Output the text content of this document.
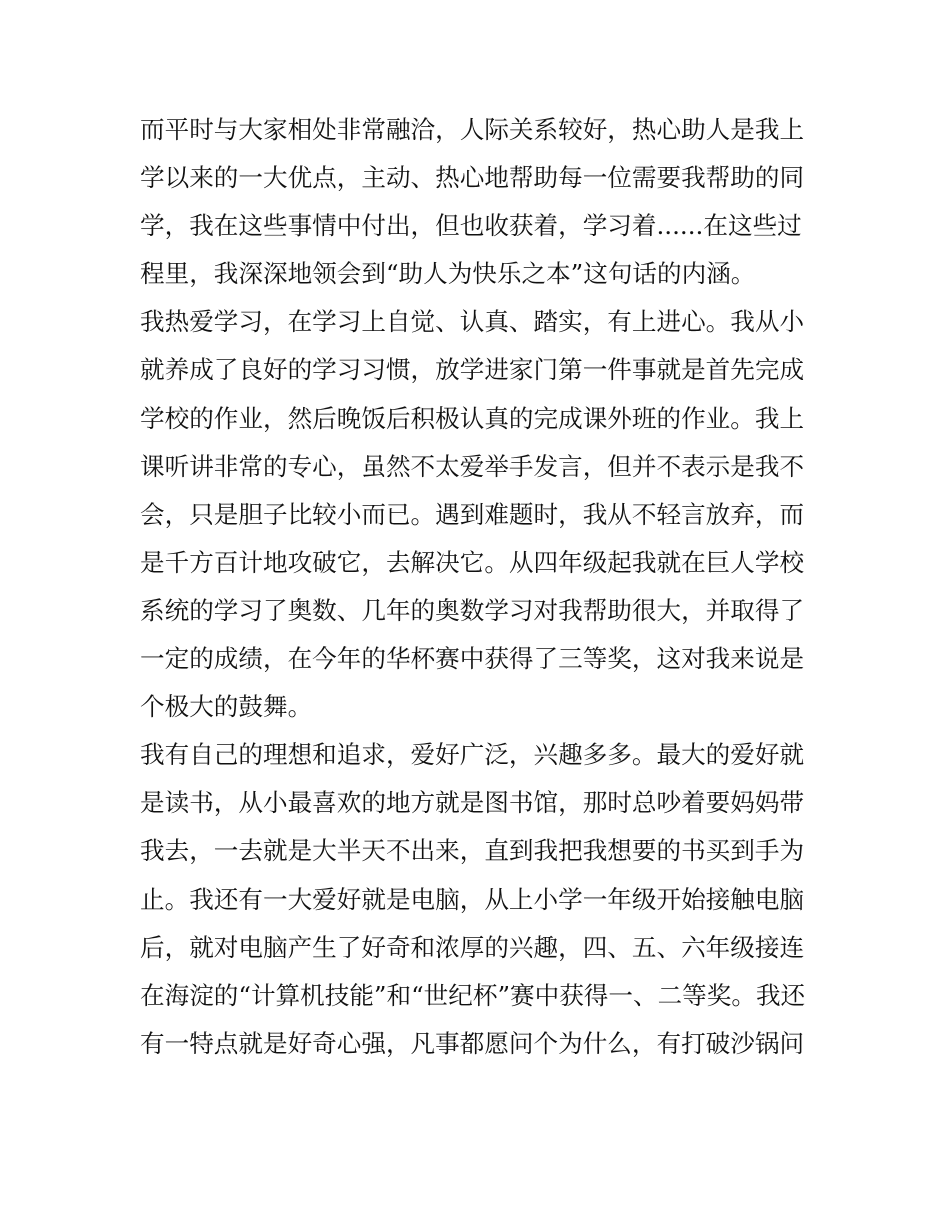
而平时与大家相处非常融洽，人际关系较好，热心助人是我上
学以来的一大优点，主动、热心地帮助每一位需要我帮助的同
学，我在这些事情中付出，但也收获着，学习着......在这些过
程里，我深深地领会到“助人为快乐之本”这句话的内涵。
我热爱学习，在学习上自觉、认真、踏实，有上进心。我从小
就养成了良好的学习习惯，放学进家门第一件事就是首先完成
学校的作业，然后晚饭后积极认真的完成课外班的作业。我上
课听讲非常的专心，虽然不太爱举手发言，但并不表示是我不
会，只是胆子比较小而已。遇到难题时，我从不轻言放弃，而
是千方百计地攻破它，去解决它。从四年级起我就在巨人学校
系统的学习了奥数、几年的奥数学习对我帮助很大，并取得了
一定的成绩，在今年的华杯赛中获得了三等奖，这对我来说是
个极大的鼓舞。
我有自己的理想和追求，爱好广泛，兴趣多多。最大的爱好就
是读书，从小最喜欢的地方就是图书馆，那时总吵着要妈妈带
我去，一去就是大半天不出来，直到我把我想要的书买到手为
止。我还有一大爱好就是电脑，从上小学一年级开始接触电脑
后，就对电脑产生了好奇和浓厚的兴趣，四、五、六年级接连
在海淀的“计算机技能”和“世纪杯”赛中获得一、二等奖。我还
有一特点就是好奇心强，凡事都愿问个为什么，有打破沙锅问
